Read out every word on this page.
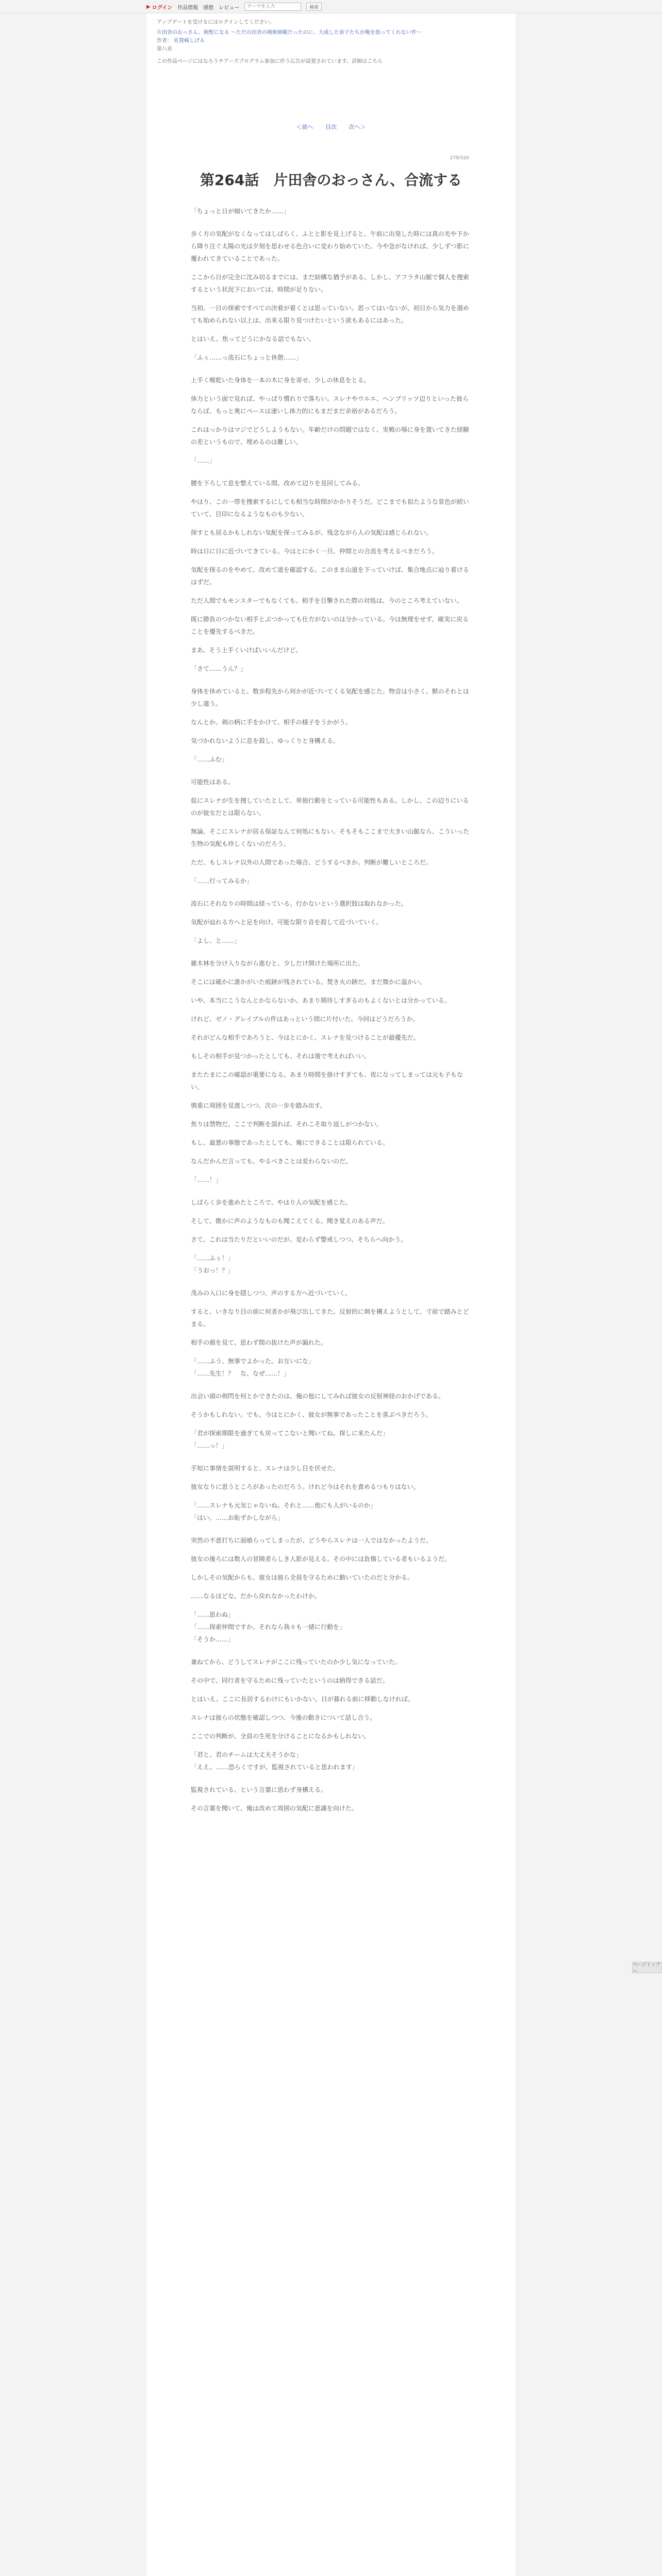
▶ ログイン 作品情報 感想 レビュー
テーマを入力	検索
アップデートを受けるにはログインしてください。
片田舎のおっさん、剣聖になる ～ただの田舎の剣術師範だったのに、大成した弟子たちが俺を放ってくれない件～
作者： 佐賀崎しげる
第八章
この作品ページにはなろうチアーズプログラム参加に伴う広告が設置されています。詳細はこちら
＜前へ 目次 次へ＞
279/520
第264話　片田舎のおっさん、合流する
「ちょっと日が傾いてきたか……」
歩く方の気配がなくなってはしばらく、ふとと影を見上げると、午前に出発した時には真の光や下から降り注ぐ太陽の光は夕刻を思わせる色合いに変わり始めていた。今や急がなければ、少しずつ影に覆われてきていることであった。
ここから日が完全に沈み切るまでには、まだ結構な猶予がある。しかし、アフラタ山脈で個人を捜索するという状況下においては、時間が足りない。
当初、一日の探索ですべての決着が着くとは思っていない。思ってはいないが、初日から気力を溜めても始められない以上は、出来る限り見つけたいという欲もあるにはあった。
とはいえ、焦ってどうにかなる話でもない。
「ふぅ……っ流石にちょっと休憩……」
上手く喉乾いた身体を一本の木に身を寄せ、少しの休息をとる。
体力という面で見れば、やっぱり慣れりで落ちい。スレナやウルエ、ヘンブリッツ辺りといった彼らならば、もっと奥にペースは速いし体力的にもまだまだ余裕があるだろう。
これはっかりはマジでどうしようもない。年齢だけの問題ではなく、実戦の場に身を置いてきた経験の差というもので、埋めるのは難しい。
「……」
腰を下ろして息を整えている間、改めて辺りを見回してみる。
やはり、この一帯を捜索するにしても相当な時間がかかりそうだ。どこまでも似たような景色が続いていて、目印になるようなものも少ない。
探すとも居るかもしれない気配を探ってみるが、残念ながら人の気配は感じられない。
時は日に日に近づいてきている。今はとにかく一旦、仲間との合流を考えるべきだろう。
気配を探るのをやめて、改めて道を確認する。このまま山道を下っていけば、集合地点に辿り着けるはずだ。
ただ人間でもモンスターでもなくても、相手を目撃された際の対処は、今のところ考えていない。
既に勝負のつかない相手とぶつかっても仕方がないのは分かっている。今は無理をせず、確実に戻ることを優先するべきだ。
まあ、そう上手くいけばいいんだけど。
「さて……うん？」
身体を休めていると、数歩程先から何かが近づいてくる気配を感じた。物音は小さく、獣のそれとは少し違う。
なんとか、剣の柄に手をかけて、相手の様子をうかがう。
気づかれないように息を殺し、ゆっくりと身構える。
「……ふむ」
可能性はある。
仮にスレナが生を捜していたとして、単独行動をとっている可能性もある。しかし、この辺りにいるのが彼女だとは限らない。
無論、そこにスレナが居る保証なんて何処にもない。そもそもここまで大きい山脈なら、こういった生物の気配も珍しくないのだろう。
ただ、もしスレナ以外の人間であった場合、どうするべきか。判断が難しいところだ。
「……行ってみるか」
流石にそれなりの時間は経っている。行かないという選択肢は取れなかった。
気配が辿れる方へと足を向け、可能な限り音を殺して近づいていく。
「よし、と……」
雑木林を分け入りながら進むと、少しだけ開けた場所に出た。
そこには確かに誰かがいた痕跡が残されている。焚き火の跡だ。まだ微かに温かい。
いや、本当にこうなんとかならないか。あまり期待しすぎるのもよくないとは分かっている。
けれど、ゼノ・グレイブルの件はあっという間に片付いた。今回はどうだろうか。
それがどんな相手であろうと、今はとにかく、スレナを見つけることが最優先だ。
もしその相手が見つかったとしても、それは後で考えればいい。
またたまにこの確認が重要になる。あまり時間を掛けすぎても、夜になってしまっては元も子もない。
慎重に周囲を見渡しつつ、次の一歩を踏み出す。
焦りは禁物だ。ここで判断を誤れば、それこそ取り返しがつかない。
もし、最悪の事態であったとしても、俺にできることは限られている。
なんだかんだ言っても、やるべきことは変わらないのだ。
「……！」
しばらく歩を進めたところで、やはり人の気配を感じた。
そして、微かに声のようなものも聞こえてくる。聞き覚えのある声だ。
さて、これは当たりだといいのだが。変わらず警戒しつつ、そちらへ向かう。
「……ふぅ！」
「うおっ！？」
茂みの入口に身を隠しつつ、声のする方へ近づいていく。
すると、いきなり目の前に何者かが飛び出してきた。反射的に剣を構えようとして、寸前で踏みとどまる。
相手の顔を見て、思わず間の抜けた声が漏れた。
「……ふう、無事でよかった。お互いにな」
「……先生！？　な、なぜ……！」
出会い頭の剣閃を何とかできたのは、俺の他にしてみれば彼女の反射神経のおかげである。
そうかもしれない。でも、今はとにかく、彼女が無事であったことを喜ぶべきだろう。
「君が探索期限を過ぎても戻ってこないと聞いてね。探しに来たんだ」
「……っ！」
手短に事情を説明すると、スレナは少し目を伏せた。
彼女なりに思うところがあったのだろう。けれど今はそれを責めるつもりはない。
「……スレナも元気じゃないね。それと……他にも人がいるのか」
「はい。……お恥ずかしながら」
突然の不意打ちに面喰らってしまったが、どうやらスレナは一人ではなかったようだ。
彼女の後ろには数人の冒険者らしき人影が見える。その中には負傷している者もいるようだ。
しかしその気配からも、彼女は彼ら全員を守るために動いていたのだと分かる。
……なるほどな。だから戻れなかったわけか。
「……思わぬ」
「……探索仲間ですか。それなら我々も一緒に行動を」
「そうか……」
兼ねてから、どうしてスレナがここに残っていたのか少し気になっていた。
その中で、同行者を守るために残っていたというのは納得できる話だ。
とはいえ、ここに長居するわけにもいかない。日が暮れる前に移動しなければ。
スレナは彼らの状態を確認しつつ、今後の動きについて話し合う。
ここでの判断が、全員の生死を分けることになるかもしれない。
「君と、君のチームは大丈夫そうかな」
「ええ。……恐らくですが、監視されていると思われます」
監視されている、という言葉に思わず身構える。
その言葉を聞いて、俺は改めて周囲の気配に意識を向けた。
ページトップへ
